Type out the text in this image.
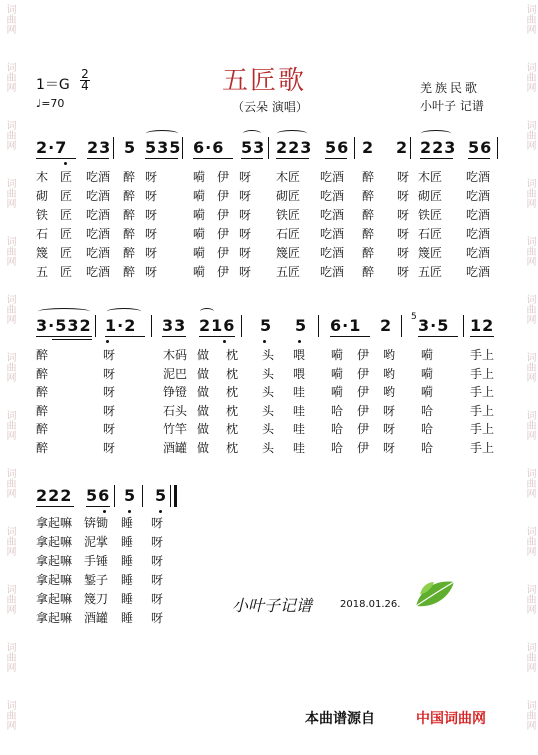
词曲网
词曲网
词曲网
词曲网
词曲网
词曲网
词曲网
词曲网
词曲网
词曲网
词曲网
词曲网
词曲网
词曲网
词曲网
词曲网
词曲网
词曲网
词曲网
词曲网
词曲网
词曲网
词曲网
词曲网
词曲网
词曲网
五匠歌
（云朵 演唱）
羌族民歌
小叶子 记谱
1＝G
2
4
♩=70
2·7 23 5 535 6·6 53 223 56 2 2 223 56
木 匠 吃酒 醉 呀	嗬 伊 呀 木匠 吃酒 醉 呀 木匠 吃酒
砌 匠 吃酒 醉 呀	嗬 伊 呀 砌匠 吃酒 醉 呀 砌匠 吃酒
铁 匠 吃酒 醉 呀	嗬 伊 呀 铁匠 吃酒 醉 呀 铁匠 吃酒
石 匠 吃酒 醉 呀	嗬 伊 呀 石匠 吃酒 醉 呀 石匠 吃酒
篾 匠 吃酒 醉 呀	嗬 伊 呀 篾匠 吃酒 醉 呀 篾匠 吃酒
五 匠 吃酒 醉 呀	嗬 伊 呀 五匠 吃酒 醉 呀 五匠 吃酒
3·532 1·2 33 216 5 5 6·1 2 5 3·5 12
醉	呀	木码 做 枕 头 喂 嗬 伊 哟 嗬	手上
醉	呀	泥巴 做 枕 头 喂 嗬 伊 哟 嗬	手上
醉	呀	铮镫 做 枕 头 哇 嗬 伊 哟 嗬	手上
醉	呀	石头 做 枕 头 哇 哈 伊 呀 哈	手上
醉	呀	竹竿 做 枕 头 哇 哈 伊 呀 哈	手上
醉	呀	酒罐 做 枕 头 哇 哈 伊 呀 哈	手上
222 56 5 5
拿起嘛 锛锄 睡 呀
拿起嘛 泥掌 睡 呀
拿起嘛 手锤 睡 呀
拿起嘛 錾子 睡 呀
拿起嘛 篾刀 睡 呀
拿起嘛 酒罐 睡 呀
小叶子记谱	2018.01.26.
本曲谱源自	中国词曲网
